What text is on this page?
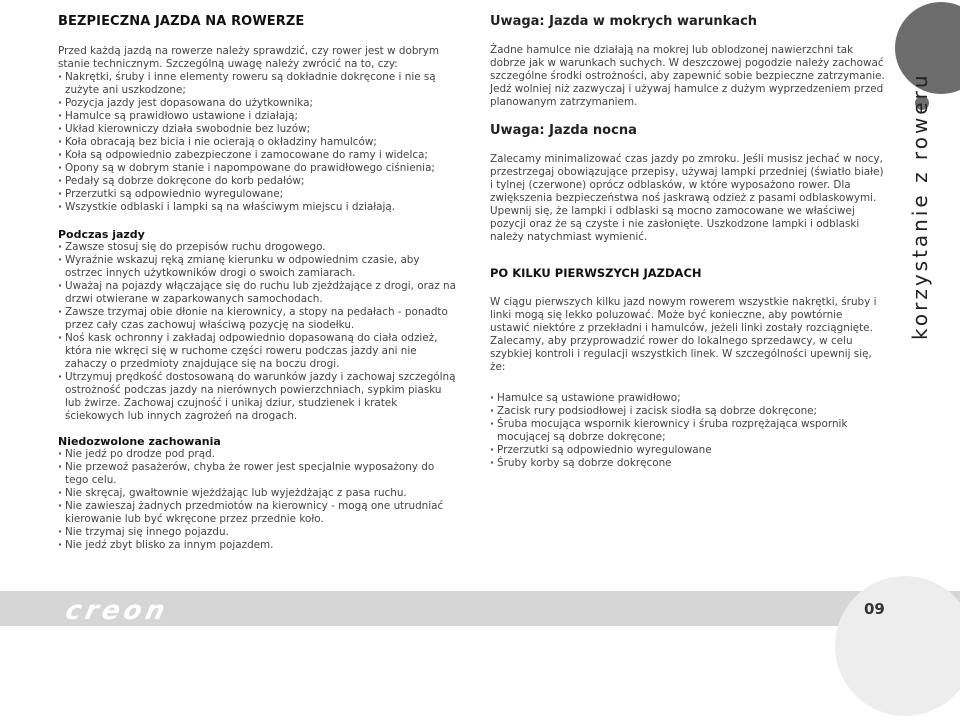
BEZPIECZNA JAZDA NA ROWERZE

Przed każdą jazdą na rowerze należy sprawdzić, czy rower jest w dobrym stanie technicznym. Szczególną uwagę należy zwrócić na to, czy:

· Nakrętki, śruby i inne elementy roweru są dokładnie dokręcone i nie są zużyte ani uszkodzone;
· Pozycja jazdy jest dopasowana do użytkownika;
· Hamulce są prawidłowo ustawione i działają;
· Układ kierowniczy działa swobodnie bez luzów;
· Koła obracają bez bicia i nie ocierają o okładziny hamulców;
· Koła są odpowiednio zabezpieczone i zamocowane do ramy i widelca;
· Opony są w dobrym stanie i napompowane do prawidłowego ciśnienia;
· Pedały są dobrze dokręcone do korb pedałów;
· Przerzutki są odpowiednio wyregulowane;
· Wszystkie odblaski i lampki są na właściwym miejscu i działają.
Podczas jazdy
· Zawsze stosuj się do przepisów ruchu drogowego.
· Wyraźnie wskazuj ręką zmianę kierunku w odpowiednim czasie, aby ostrzec innych użytkowników drogi o swoich zamiarach.
· Uważaj na pojazdy włączające się do ruchu lub zjeżdżające z drogi, oraz na drzwi otwierane w zaparkowanych samochodach.
· Zawsze trzymaj obie dłonie na kierownicy, a stopy na pedałach - ponadto przez cały czas zachowuj właściwą pozycję na siodełku.
· Noś kask ochronny i zakładaj odpowiednio dopasowaną do ciała odzież, która nie wkręci się w ruchome części roweru podczas jazdy ani nie zahaczy o przedmioty znajdujące się na boczu drogi.
· Utrzymuj prędkość dostosowaną do warunków jazdy i zachowaj szczególną ostrożność podczas jazdy na nierównych powierzchniach, sypkim piasku lub żwirze. Zachowaj czujność i unikaj dziur, studzienek i kratek ściekowych lub innych zagrożeń na drogach.
Niedozwolone zachowania
· Nie jedź po drodze pod prąd.
· Nie przewoź pasażerów, chyba że rower jest specjalnie wyposażony do tego celu.
· Nie skręcaj, gwałtownie wjeżdżając lub wyjeżdżając z pasa ruchu.
· Nie zawieszaj żadnych przedmiotów na kierownicy - mogą one utrudniać kierowanie lub być wkręcone przez przednie koło.
· Nie trzymaj się innego pojazdu.
· Nie jedź zbyt blisko za innym pojazdem.
Uwaga: Jazda w mokrych warunkach

Żadne hamulce nie działają na mokrej lub oblodzonej nawierzchni tak dobrze jak w warunkach suchych. W deszczowej pogodzie należy zachować szczególne środki ostrożności, aby zapewnić sobie bezpieczne zatrzymanie. Jedź wolniej niż zazwyczaj i używaj hamulce z dużym wyprzedzeniem przed planowanym zatrzymaniem.

Uwaga: Jazda nocna

Zalecamy minimalizować czas jazdy po zmroku. Jeśli musisz jechać w nocy, przestrzegaj obowiązujące przepisy, używaj lampki przedniej (światło białe) i tylnej (czerwone) oprócz odblasków, w które wyposażono rower. Dla zwiększenia bezpieczeństwa noś jaskrawą odzież z pasami odblaskowymi. Upewnij się, że lampki i odblaski są mocno zamocowane we właściwej pozycji oraz że są czyste i nie zasłonięte. Uszkodzone lampki i odblaski należy natychmiast wymienić.

PO KILKU PIERWSZYCH JAZDACH

W ciągu pierwszych kilku jazd nowym rowerem wszystkie nakrętki, śruby i linki mogą się lekko poluzować. Może być konieczne, aby powtórnie ustawić niektóre z przekładni i hamulców, jeżeli linki zostały rozciągnięte. Zalecamy, aby przyprowadzić rower do lokalnego sprzedawcy, w celu szybkiej kontroli i regulacji wszystkich linek. W szczególności upewnij się, że:

· Hamulce są ustawione prawidłowo;
· Zacisk rury podsiodłowej i zacisk siodła są dobrze dokręcone;
· Śruba mocująca wspornik kierownicy i śruba rozprężająca wspornik mocującej są dobrze dokręcone;
· Przerzutki są odpowiednio wyregulowane
· Śruby korby są dobrze dokręcone
korzystanie z roweru
creon	09
